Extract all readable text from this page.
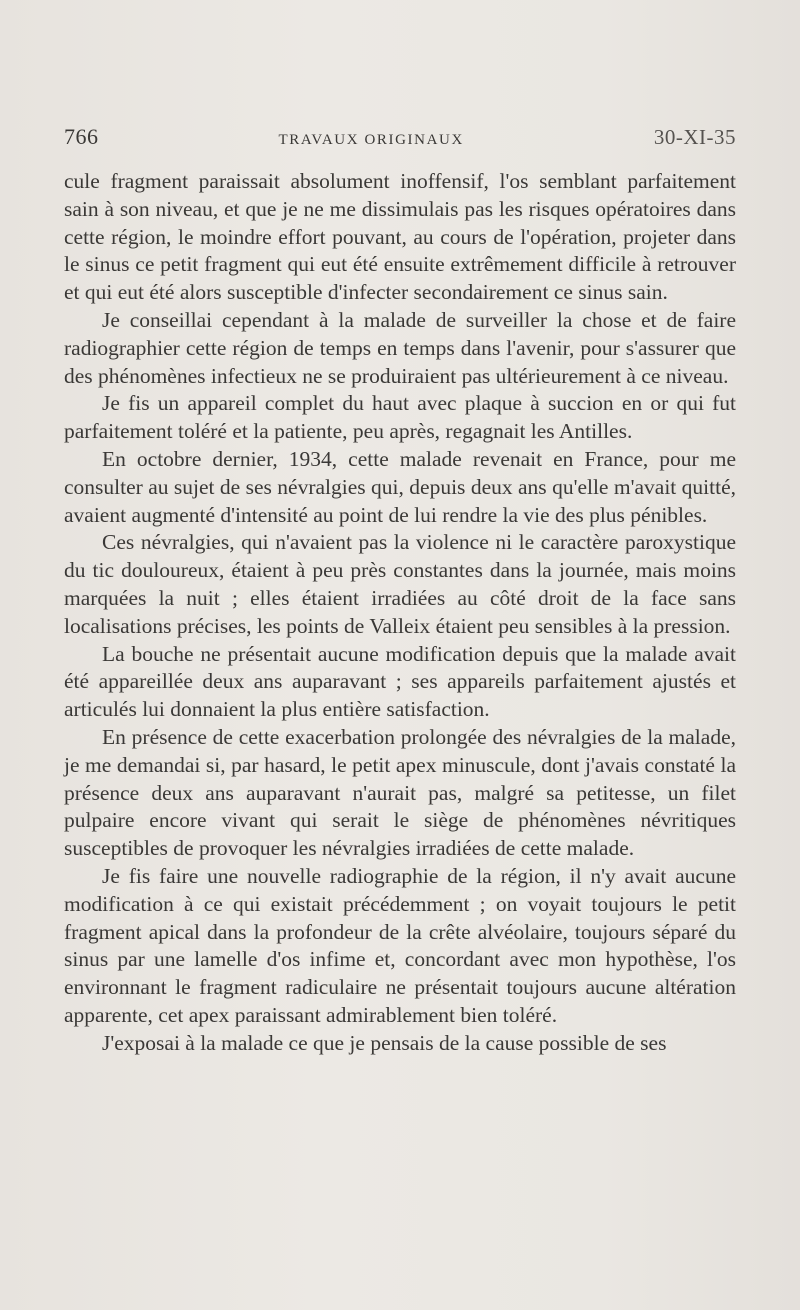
766	TRAVAUX ORIGINAUX	30-XI-35

cule fragment paraissait absolument inoffensif, l'os semblant parfaitement sain à son niveau, et que je ne me dissimulais pas les risques opératoires dans cette région, le moindre effort pouvant, au cours de l'opération, projeter dans le sinus ce petit fragment qui eut été ensuite extrêmement difficile à retrouver et qui eut été alors susceptible d'infecter secondairement ce sinus sain.

Je conseillai cependant à la malade de surveiller la chose et de faire radiographier cette région de temps en temps dans l'avenir, pour s'assurer que des phénomènes infectieux ne se produiraient pas ultérieurement à ce niveau.

Je fis un appareil complet du haut avec plaque à succion en or qui fut parfaitement toléré et la patiente, peu après, regagnait les Antilles.

En octobre dernier, 1934, cette malade revenait en France, pour me consulter au sujet de ses névralgies qui, depuis deux ans qu'elle m'avait quitté, avaient augmenté d'intensité au point de lui rendre la vie des plus pénibles.

Ces névralgies, qui n'avaient pas la violence ni le caractère paroxystique du tic douloureux, étaient à peu près constantes dans la journée, mais moins marquées la nuit ; elles étaient irradiées au côté droit de la face sans localisations précises, les points de Valleix étaient peu sensibles à la pression.

La bouche ne présentait aucune modification depuis que la malade avait été appareillée deux ans auparavant ; ses appareils parfaitement ajustés et articulés lui donnaient la plus entière satisfaction.

En présence de cette exacerbation prolongée des névralgies de la malade, je me demandai si, par hasard, le petit apex minuscule, dont j'avais constaté la présence deux ans auparavant n'aurait pas, malgré sa petitesse, un filet pulpaire encore vivant qui serait le siège de phénomènes névritiques susceptibles de provoquer les névralgies irradiées de cette malade.

Je fis faire une nouvelle radiographie de la région, il n'y avait aucune modification à ce qui existait précédemment ; on voyait toujours le petit fragment apical dans la profondeur de la crête alvéolaire, toujours séparé du sinus par une lamelle d'os infime et, concordant avec mon hypothèse, l'os environnant le fragment radiculaire ne présentait toujours aucune altération apparente, cet apex paraissant admirablement bien toléré.

J'exposai à la malade ce que je pensais de la cause possible de ses
